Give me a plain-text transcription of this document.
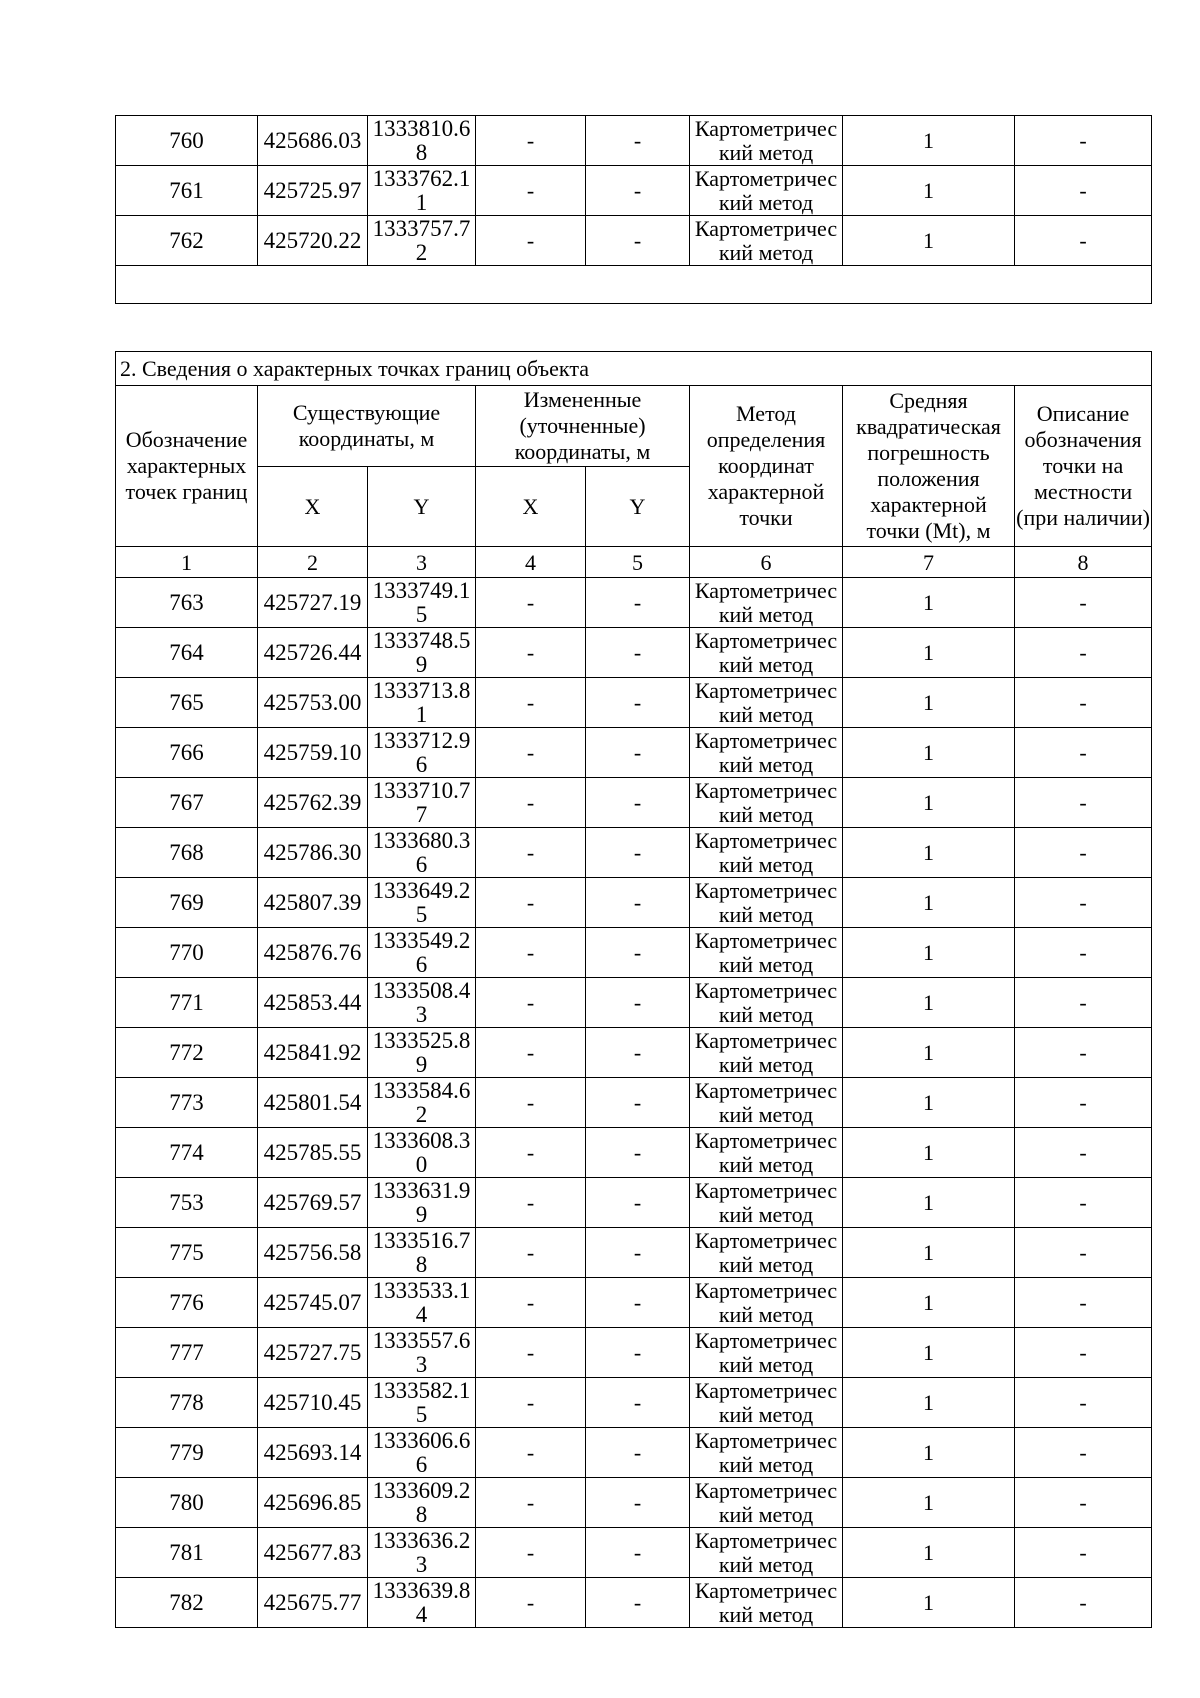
760	425686.03	1333810.68	-	-	Картометрический метод	1	-
761	425725.97	1333762.11	-	-	Картометрический метод	1	-
762	425720.22	1333757.72	-	-	Картометрический метод	1	-

2. Сведения о характерных точках границ объекта							
Обозначение характерных точек границ	Существующие координаты, м		Измененные (уточненные) координаты, м		Метод определения координат характерной точки	Средняя квадратическая погрешность положения характерной точки (Mt), м	Описание обозначения точки на местности (при наличии)
	X	Y	X	Y			
1	2	3	4	5	6	7	8
763	425727.19	1333749.15	-	-	Картометрический метод	1	-
764	425726.44	1333748.59	-	-	Картометрический метод	1	-
765	425753.00	1333713.81	-	-	Картометрический метод	1	-
766	425759.10	1333712.96	-	-	Картометрический метод	1	-
767	425762.39	1333710.77	-	-	Картометрический метод	1	-
768	425786.30	1333680.36	-	-	Картометрический метод	1	-
769	425807.39	1333649.25	-	-	Картометрический метод	1	-
770	425876.76	1333549.26	-	-	Картометрический метод	1	-
771	425853.44	1333508.43	-	-	Картометрический метод	1	-
772	425841.92	1333525.89	-	-	Картометрический метод	1	-
773	425801.54	1333584.62	-	-	Картометрический метод	1	-
774	425785.55	1333608.30	-	-	Картометрический метод	1	-
753	425769.57	1333631.99	-	-	Картометрический метод	1	-
775	425756.58	1333516.78	-	-	Картометрический метод	1	-
776	425745.07	1333533.14	-	-	Картометрический метод	1	-
777	425727.75	1333557.63	-	-	Картометрический метод	1	-
778	425710.45	1333582.15	-	-	Картометрический метод	1	-
779	425693.14	1333606.66	-	-	Картометрический метод	1	-
780	425696.85	1333609.28	-	-	Картометрический метод	1	-
781	425677.83	1333636.23	-	-	Картометрический метод	1	-
782	425675.77	1333639.84	-	-	Картометрический метод	1	-
